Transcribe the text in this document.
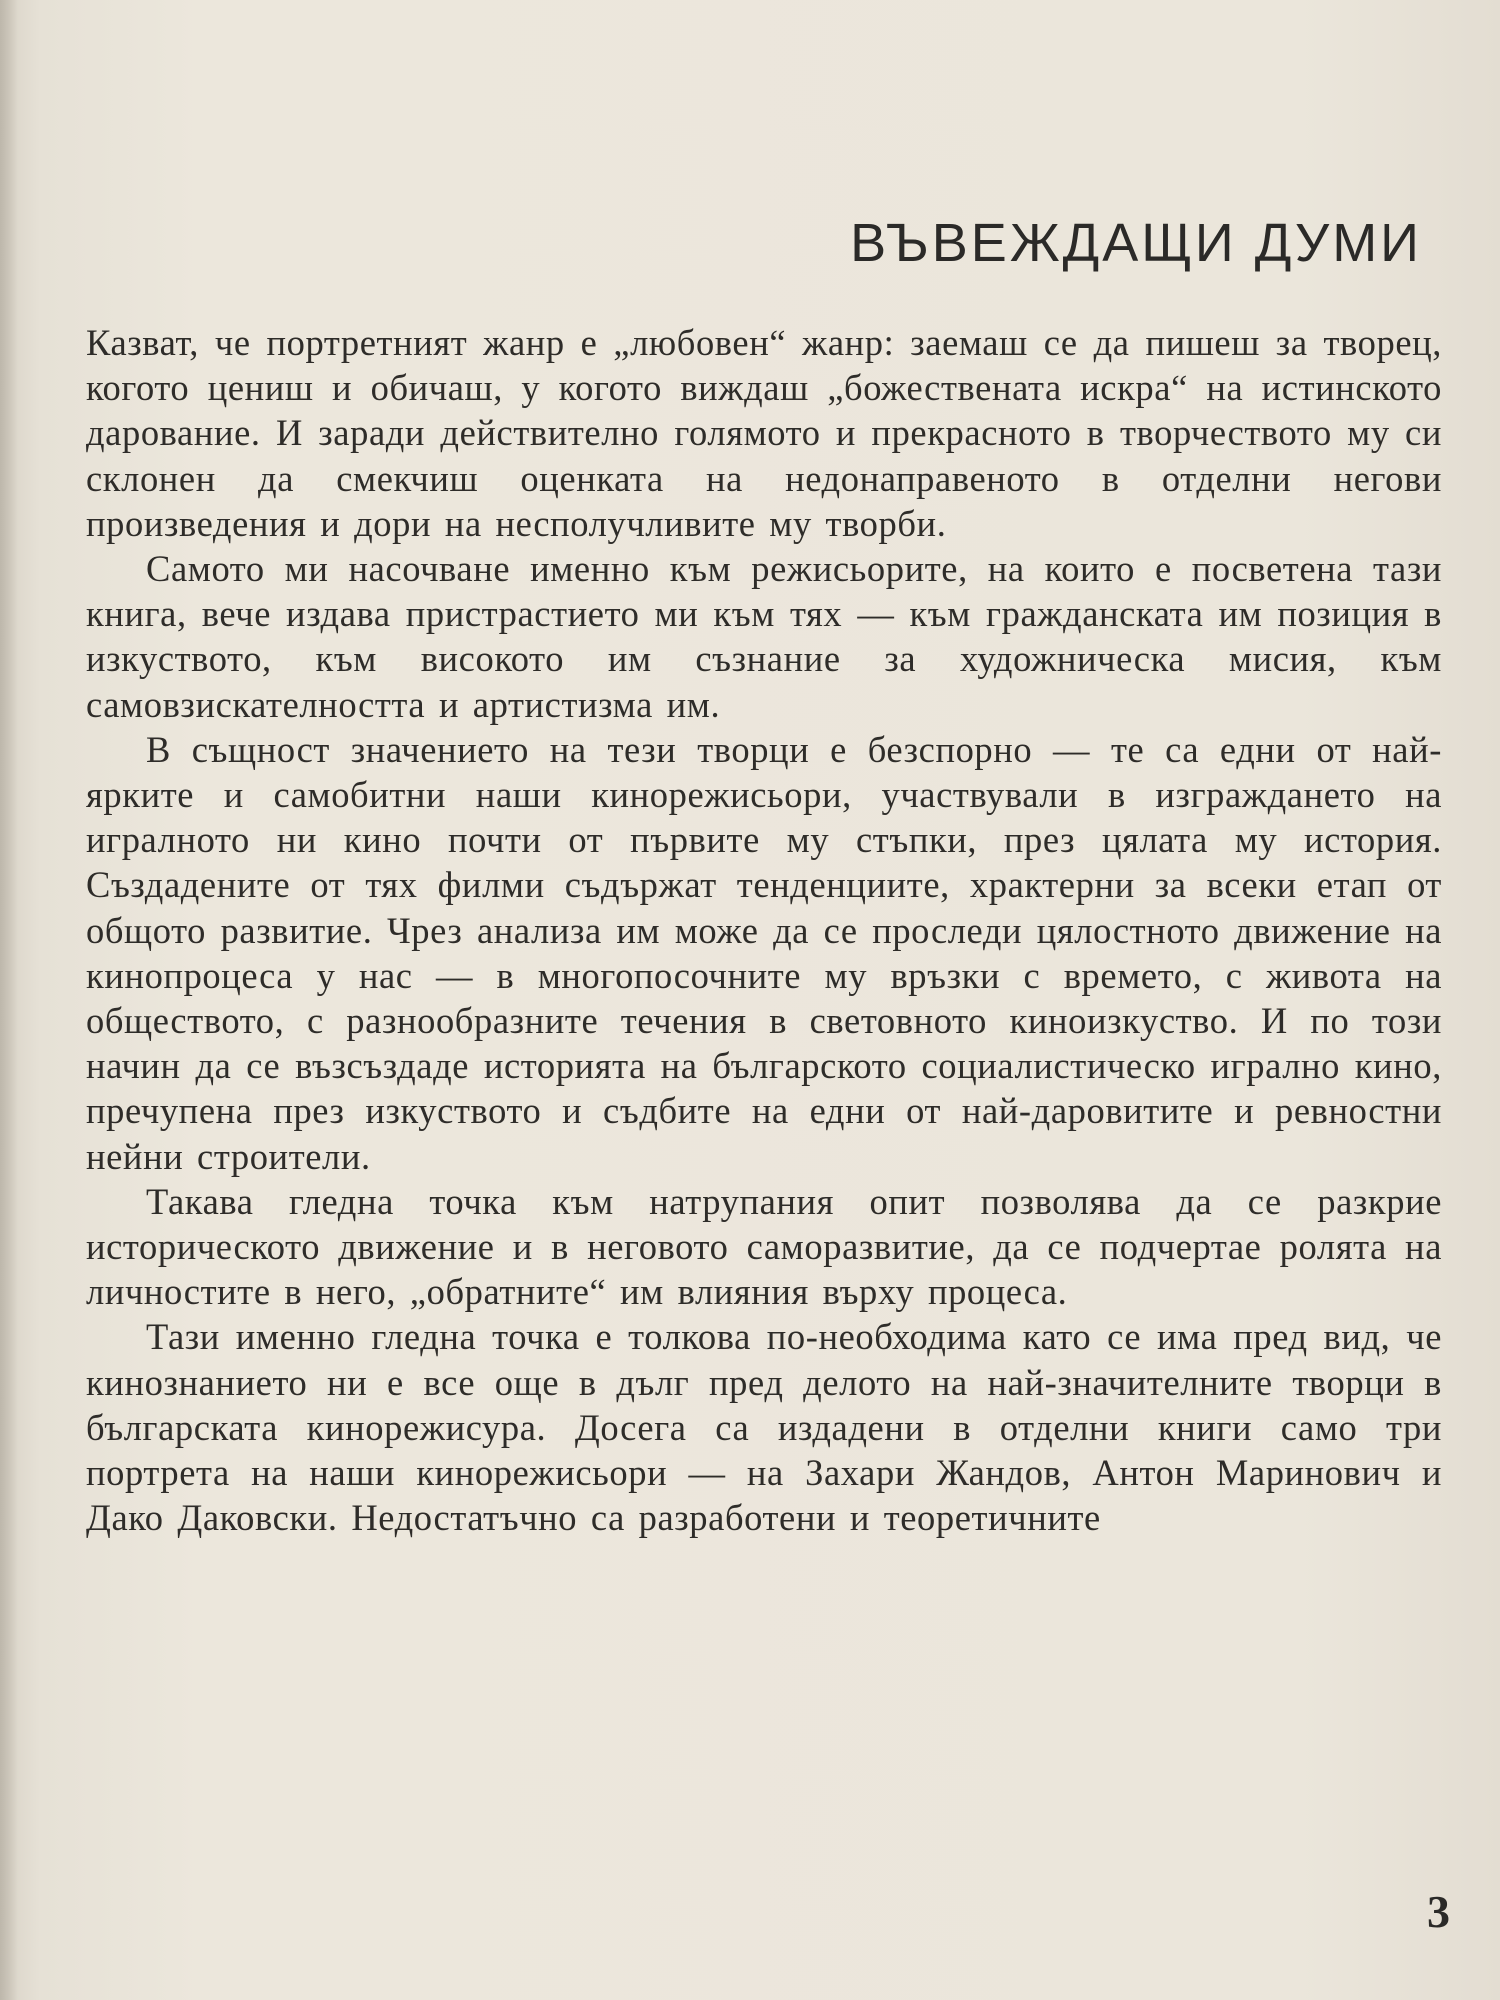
ВЪВЕЖДАЩИ ДУМИ

Казват, че портретният жанр е „любовен“ жанр: заемаш се да пишеш за творец, когото цениш и обичаш, у когото виждаш „божествената искра“ на истинското дарование. И заради действително голямото и прекрасното в творчеството му си склонен да смекчиш оценката на недонаправеното в отделни негови произведения и дори на несполучливите му творби.

Самото ми насочване именно към режисьорите, на които е посветена тази книга, вече издава пристрастието ми към тях — към гражданската им позиция в изкуството, към високото им съзнание за художническа мисия, към самовзискателността и артистизма им.

В същност значението на тези творци е безспорно — те са едни от най-ярките и самобитни наши кинорежисьори, участвували в изграждането на игралното ни кино почти от първите му стъпки, през цялата му история. Създадените от тях филми съдържат тенденциите, хрaктерни за всеки етап от общото развитие. Чрез анализа им може да се проследи цялостното движение на кинопроцеса у нас — в многопосочните му връзки с времето, с живота на обществото, с разнообразните течения в световното киноизкуство. И по този начин да се възсъздаде историята на българското социалистическо игрално кино, пречупена през изкуството и съдбите на едни от най-даровитите и ревностни нейни строители.

Такава гледна точка към натрупания опит позволява да се разкрие историческото движение и в неговото саморазвитие, да се подчертае ролята на личностите в него, „обратните“ им влияния върху процеса.

Тази именно гледна точка е толкова по-необходима като се има пред вид, че кинознанието ни е все още в дълг пред делото на най-значителните творци в българската кинорежисура. Досега са издадени в отделни книги само три портрета на наши кинорежисьори — на Захари Жандов, Антон Маринович и Дако Даковски. Недостатъчно са разработени и теоретичните

3
